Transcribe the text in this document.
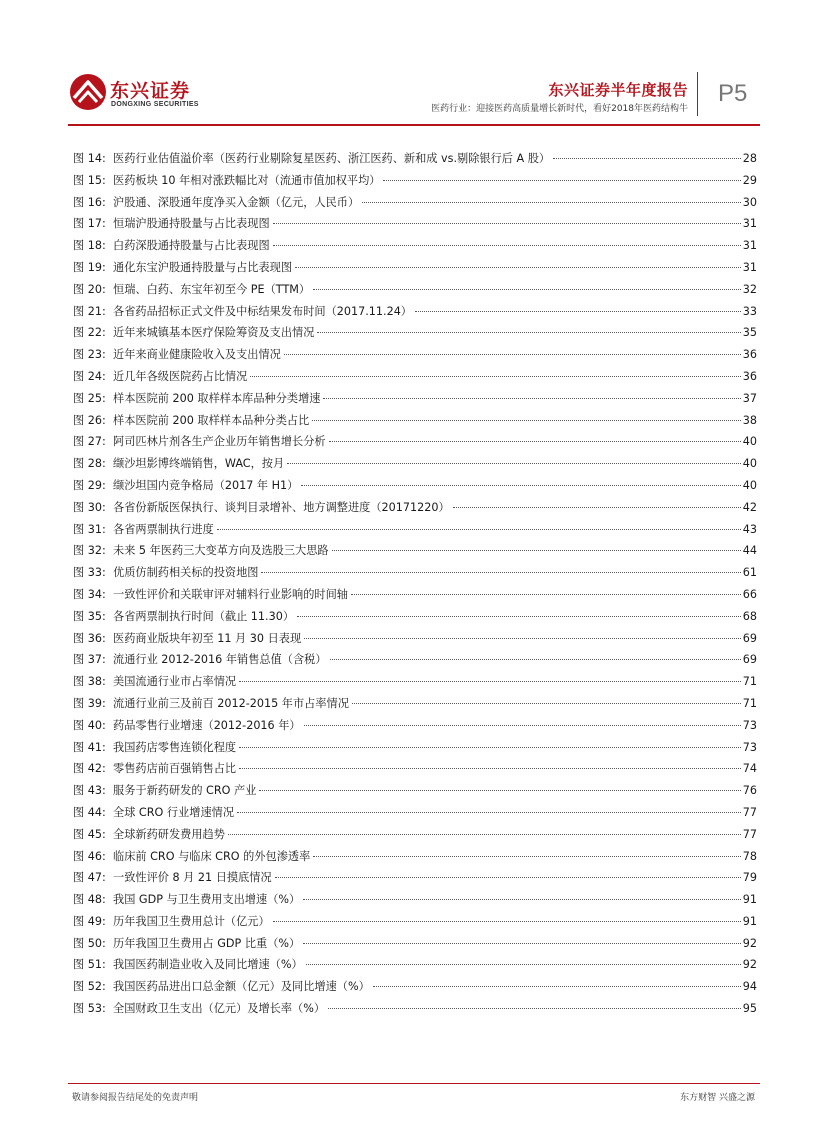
东兴证券
DONGXING SECURITIES
东兴证券半年度报告
医药行业：迎接医药高质量增长新时代，看好2018年医药结构牛
P5
图 14: 医药行业估值溢价率（医药行业剔除复星医药、浙江医药、新和成 vs.剔除银行后 A 股）	28
图 15: 医药板块 10 年相对涨跌幅比对（流通市值加权平均）	29
图 16: 沪股通、深股通年度净买入金额（亿元，人民币）	30
图 17: 恒瑞沪股通持股量与占比表现图	31
图 18: 白药深股通持股量与占比表现图	31
图 19: 通化东宝沪股通持股量与占比表现图	31
图 20: 恒瑞、白药、东宝年初至今 PE（TTM）	32
图 21: 各省药品招标正式文件及中标结果发布时间（2017.11.24）	33
图 22: 近年来城镇基本医疗保险筹资及支出情况	35
图 23: 近年来商业健康险收入及支出情况	36
图 24: 近几年各级医院药占比情况	36
图 25: 样本医院前 200 取样样本库品种分类增速	37
图 26: 样本医院前 200 取样样本品种分类占比	38
图 27: 阿司匹林片剂各生产企业历年销售增长分析	40
图 28: 缬沙坦影博终端销售，WAC，按月	40
图 29: 缬沙坦国内竞争格局（2017 年 H1）	40
图 30: 各省份新版医保执行、谈判目录增补、地方调整进度（20171220）	42
图 31: 各省两票制执行进度	43
图 32: 未来 5 年医药三大变革方向及选股三大思路	44
图 33: 优质仿制药相关标的投资地图	61
图 34: 一致性评价和关联审评对辅料行业影响的时间轴	66
图 35: 各省两票制执行时间（截止 11.30）	68
图 36: 医药商业版块年初至 11 月 30 日表现	69
图 37: 流通行业 2012-2016 年销售总值（含税）	69
图 38: 美国流通行业市占率情况	71
图 39: 流通行业前三及前百 2012-2015 年市占率情况	71
图 40: 药品零售行业增速（2012-2016 年）	73
图 41: 我国药店零售连锁化程度	73
图 42: 零售药店前百强销售占比	74
图 43: 服务于新药研发的 CRO 产业	76
图 44: 全球 CRO 行业增速情况	77
图 45: 全球新药研发费用趋势	77
图 46: 临床前 CRO 与临床 CRO 的外包渗透率	78
图 47: 一致性评价 8 月 21 日摸底情况	79
图 48: 我国 GDP 与卫生费用支出增速（%）	91
图 49: 历年我国卫生费用总计（亿元）	91
图 50: 历年我国卫生费用占 GDP 比重（%）	92
图 51: 我国医药制造业收入及同比增速（%）	92
图 52: 我国医药品进出口总金额（亿元）及同比增速（%）	94
图 53: 全国财政卫生支出（亿元）及增长率（%）	95
敬请参阅报告结尾处的免责声明	东方财智 兴盛之源
